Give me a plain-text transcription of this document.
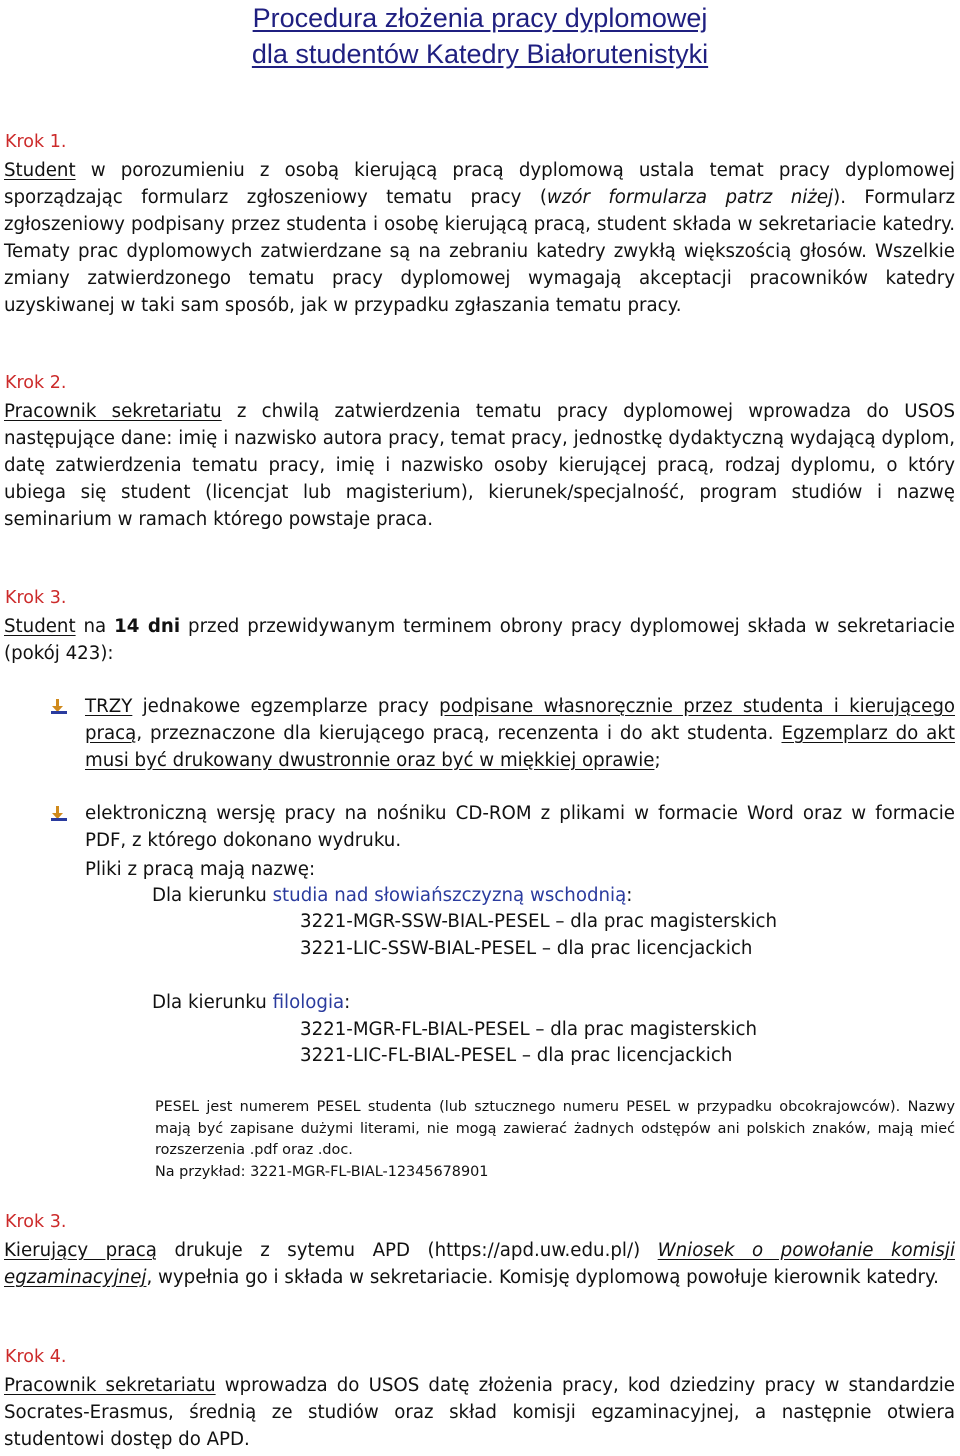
Procedura złożenia pracy dyplomowej
dla studentów Katedry Białorutenistyki
Krok 1.
Student w porozumieniu z osobą kierującą pracą dyplomową ustala temat pracy dyplomowej sporządzając formularz zgłoszeniowy tematu pracy (wzór formularza patrz niżej). Formularz zgłoszeniowy podpisany przez studenta i osobę kierującą pracą, student składa w sekretariacie katedry. Tematy prac dyplomowych zatwierdzane są na zebraniu katedry zwykłą większością głosów. Wszelkie zmiany zatwierdzonego tematu pracy dyplomowej wymagają akceptacji pracowników katedry uzyskiwanej w taki sam sposób, jak w przypadku zgłaszania tematu pracy.
Krok 2.
Pracownik sekretariatu z chwilą zatwierdzenia tematu pracy dyplomowej wprowadza do USOS następujące dane: imię i nazwisko autora pracy, temat pracy, jednostkę dydaktyczną wydającą dyplom, datę zatwierdzenia tematu pracy, imię i nazwisko osoby kierującej pracą, rodzaj dyplomu, o który ubiega się student (licencjat lub magisterium), kierunek/specjalność, program studiów i nazwę seminarium w ramach którego powstaje praca.
Krok 3.
Student na 14 dni przed przewidywanym terminem obrony pracy dyplomowej składa w sekretariacie (pokój 423):
TRZY jednakowe egzemplarze pracy podpisane własnoręcznie przez studenta i kierującego pracą, przeznaczone dla kierującego pracą, recenzenta i do akt studenta. Egzemplarz do akt musi być drukowany dwustronnie oraz być w miękkiej oprawie;
elektroniczną wersję pracy na nośniku CD-ROM z plikami w formacie Word oraz w formacie PDF, z którego dokonano wydruku.
Pliki z pracą mają nazwę:
Dla kierunku studia nad słowiańszczyzną wschodnią:
3221-MGR-SSW-BIAL-PESEL – dla prac magisterskich
3221-LIC-SSW-BIAL-PESEL – dla prac licencjackich
Dla kierunku filologia:
3221-MGR-FL-BIAL-PESEL – dla prac magisterskich
3221-LIC-FL-BIAL-PESEL – dla prac licencjackich
PESEL jest numerem PESEL studenta (lub sztucznego numeru PESEL w przypadku obcokrajowców). Nazwy mają być zapisane dużymi literami, nie mogą zawierać żadnych odstępów ani polskich znaków, mają mieć rozszerzenia .pdf oraz .doc.
Na przykład: 3221-MGR-FL-BIAL-12345678901
Krok 3.
Kierujący pracą drukuje z sytemu APD (https://apd.uw.edu.pl/) Wniosek o powołanie komisji egzaminacyjnej, wypełnia go i składa w sekretariacie. Komisję dyplomową powołuje kierownik katedry.
Krok 4.
Pracownik sekretariatu wprowadza do USOS datę złożenia pracy, kod dziedziny pracy w standardzie Socrates-Erasmus, średnią ze studiów oraz skład komisji egzaminacyjnej, a następnie otwiera studentowi dostęp do APD.
